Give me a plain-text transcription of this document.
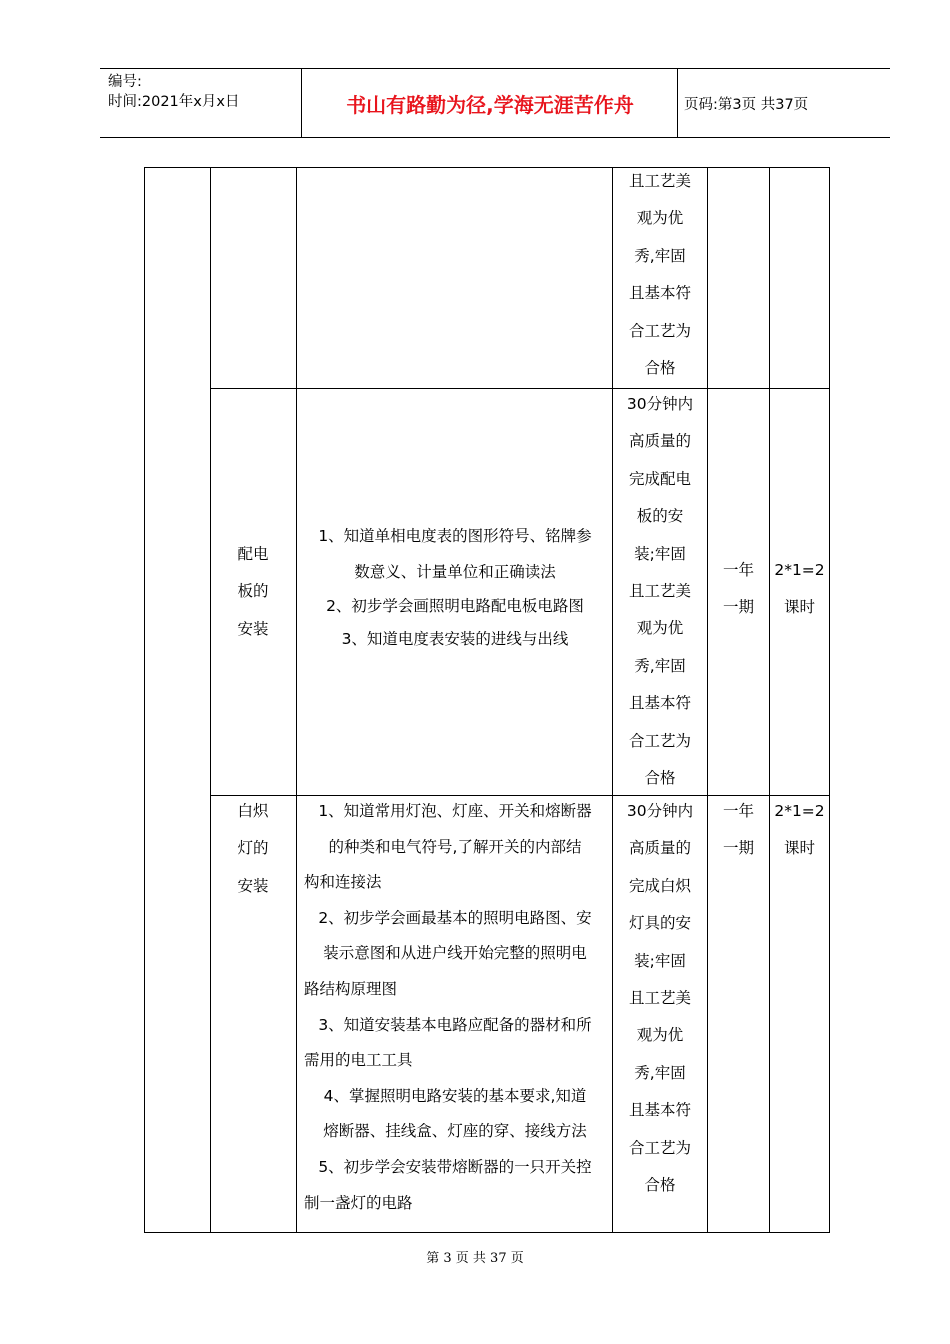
编号:
时间:2021年x月x日	书山有路勤为径,学海无涯苦作舟	页码:第3页 共37页
且工艺美
观为优
秀,牢固
且基本符
合工艺为
合格
配电
板的
安装

1、知道单相电度表的图形符号、铭牌参

数意义、计量单位和正确读法

2、初步学会画照明电路配电板电路图

3、知道电度表安装的进线与出线

30分钟内
高质量的
完成配电
板的安
装;牢固
且工艺美
观为优
秀,牢固
且基本符
合工艺为
合格
一年
一期
2*1=2
课时
白炽
灯的
安装

1、知道常用灯泡、灯座、开关和熔断器

的种类和电气符号,了解开关的内部结

构和连接法

2、初步学会画最基本的照明电路图、安

装示意图和从进户线开始完整的照明电

路结构原理图

3、知道安装基本电路应配备的器材和所

需用的电工工具

4、掌握照明电路安装的基本要求,知道

熔断器、挂线盒、灯座的穿、接线方法

5、初步学会安装带熔断器的一只开关控

制一盏灯的电路

30分钟内
高质量的
完成白炽
灯具的安
装;牢固
且工艺美
观为优
秀,牢固
且基本符
合工艺为
合格
一年
一期
2*1=2
课时
第 3 页 共 37 页
